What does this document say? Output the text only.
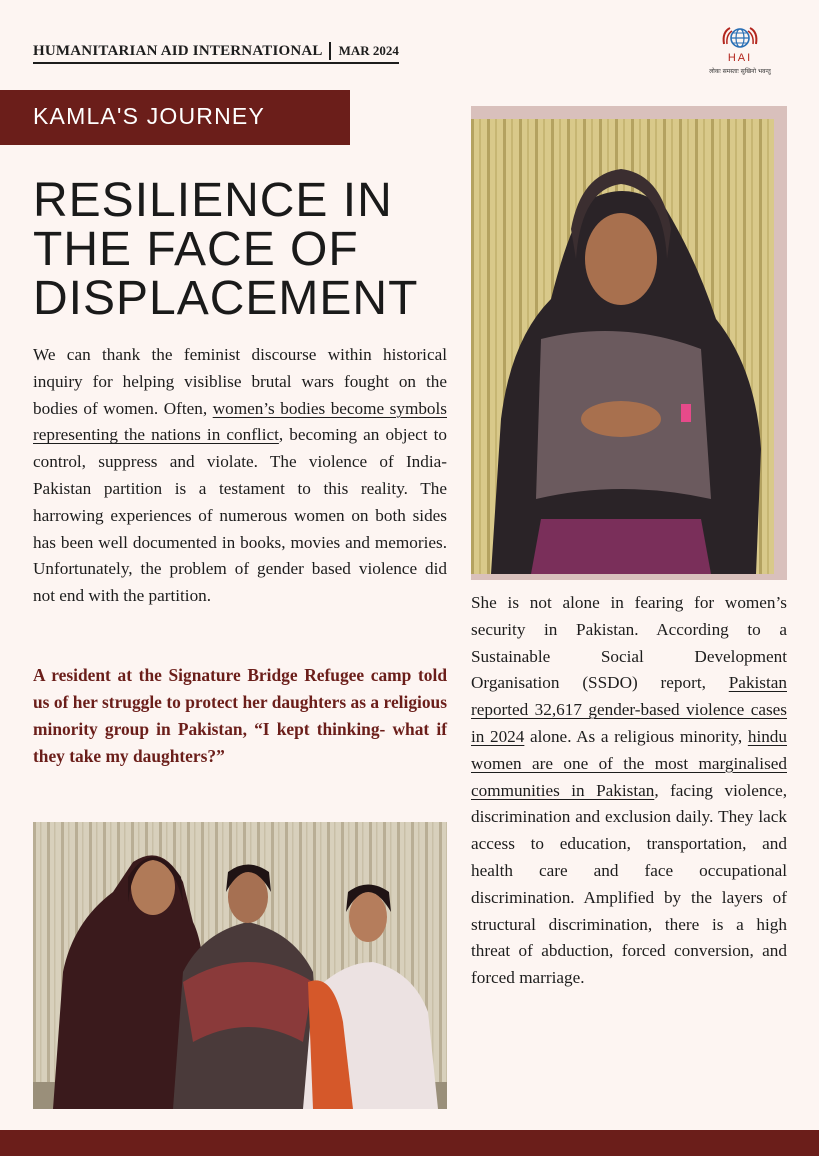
HUMANITARIAN AID INTERNATIONAL	MAR 2024	HAI
लोकः समस्ताः सुखिनो भवन्तु
KAMLA'S JOURNEY
RESILIENCE IN
THE FACE OF
DISPLACEMENT

We can thank the feminist discourse within historical inquiry for helping visiblise brutal wars fought on the bodies of women. Often, women’s bodies become symbols representing the nations in conflict, becoming an object to control, suppress and violate. The violence of India-Pakistan partition is a testament to this reality. The harrowing experiences of numerous women on both sides has been well documented in books, movies and memories. Unfortunately, the problem of gender based violence did not end with the partition.

A resident at the Signature Bridge Refugee camp told us of her struggle to protect her daughters as a religious minority group in Pakistan, “I kept thinking- what if they take my daughters?”

She is not alone in fearing for women’s security in Pakistan. According to a Sustainable Social Development Organisation (SSDO) report, Pakistan reported 32,617 gender-based violence cases in 2024 alone. As a religious minority, hindu women are one of the most marginalised communities in Pakistan, facing violence, discrimination and exclusion daily. They lack access to education, transportation, and health care and face occupational discrimination. Amplified by the layers of structural discrimination, there is a high threat of abduction, forced conversion, and forced marriage.
